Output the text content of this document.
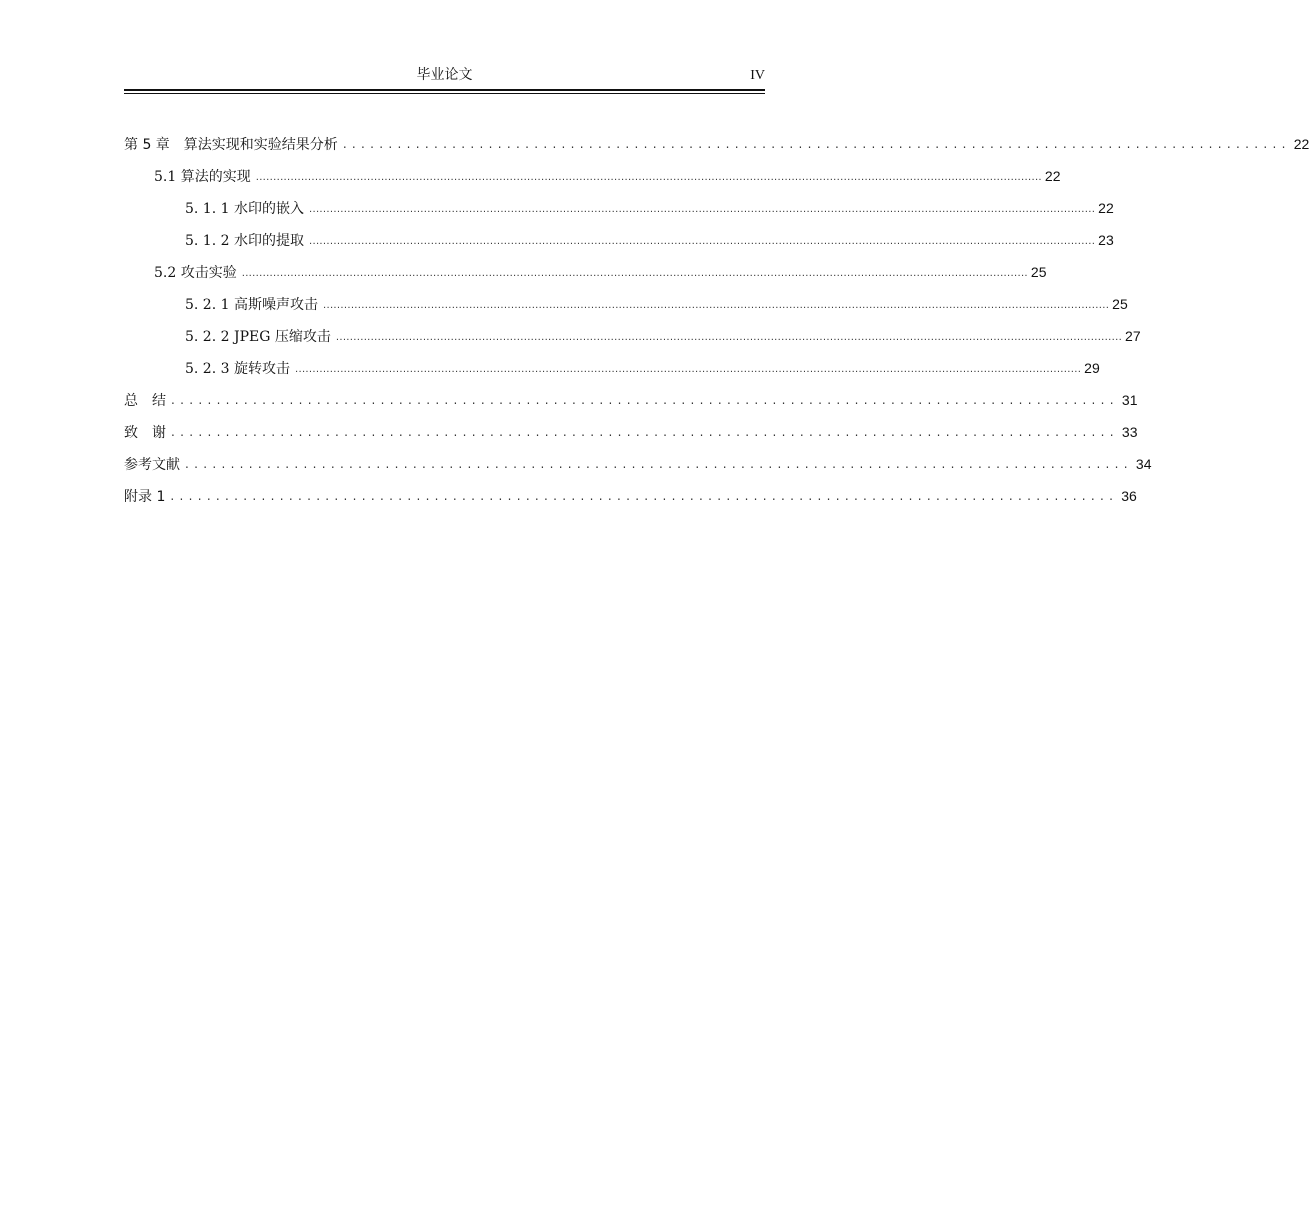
毕业论文	IV
第 5 章　算法实现和实验结果分析 ........................................................................................................ 22
5.1 算法的实现 .................................................................................................................................................................................................................................. 22
5. 1. 1 水印的嵌入 .................................................................................................................................................................................................................................. 22
5. 1. 2 水印的提取 .................................................................................................................................................................................................................................. 23
5.2 攻击实验 .................................................................................................................................................................................................................................. 25
5. 2. 1 高斯噪声攻击 .................................................................................................................................................................................................................................. 25
5. 2. 2 JPEG 压缩攻击 .................................................................................................................................................................................................................................. 27
5. 2. 3 旋转攻击 .................................................................................................................................................................................................................................. 29
总　结 ........................................................................................................ 31
致　谢 ........................................................................................................ 33
参考文献 ........................................................................................................ 34
附录 1 ........................................................................................................ 36
